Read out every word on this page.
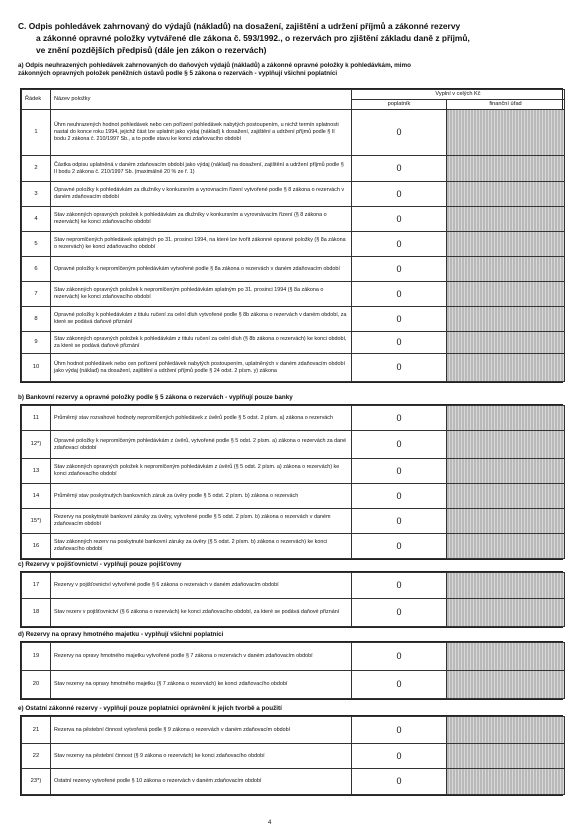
C. Odpis pohledávek zahrnovaný do výdajů (nákladů) na dosažení, zajištění a udržení příjmů a zákonné rezervy
a zákonné opravné položky vytvářené dle zákona č. 593/1992., o rezervách pro zjištění základu daně z příjmů,
ve znění pozdějších předpisů (dále jen zákon o rezervách)
a) Odpis neuhrazených pohledávek zahrnovaných do daňových výdajů (nákladů) a zákonné opravné položky k pohledávkám, mimo
zákonných opravných položek peněžních ústavů podle § 5 zákona o rezervách - vyplňují všichni poplatníci
Řádek	Název položky	Vyplní v celých Kč	
		poplatník	finanční úřad
1	Úhrn neuhrazených hodnot pohledávek nebo cen pořízení pohledávek nabytých postoupením, u nichž termín splatnosti nastal do konce roku 1994, jejichž část lze uplatnit jako výdaj (náklad) k dosažení, zajištění a udržení příjmů podle § II bodu 2 zákona č. 210/1997 Sb., a to podle stavu ke konci zdaňovacího období	0	
2	Částka odpisu uplatněná v daném zdaňovacím období jako výdaj (náklad) na dosažení, zajištění a udržení příjmů podle § II bodu 2 zákona č. 210/1997 Sb. (maximálně 20 % ze ř. 1)	0	
3	Opravné položky k pohledávkám za dlužníky v konkursním a vyrovnacím řízení vytvořené podle § 8 zákona o rezervách v daném zdaňovacím období	0	
4	Stav zákonných opravných položek k pohledávkám za dlužníky v konkursním a vyrovnávacím řízení (§ 8 zákona o rezervách) ke konci zdaňovacího období	0	
5	Stav nepromlčených pohledávek splatných po 31. prosinci 1994, na které lze tvořit zákonné opravné položky (§ 8a zákona o rezervách) ke konci zdaňovacího období	0	
6	Opravné položky k nepromlčeným pohledávkám vytvořené podle § 8a zákona o rezervách v daném zdaňovacím období	0	
7	Stav zákonných opravných položek k nepromlčeným pohledávkám splatným po 31. prosinci 1994 (§ 8a zákona o rezervách) ke konci zdaňovacího období	0	
8	Opravné položky k pohledávkám z titulu ručení za celní dluh vytvořené podle § 8b zákona o rezervách v daném období, za které se podává daňové přiznání	0	
9	Stav zákonných opravných položek k pohledávkám z titulu ručení za celní dluh (§ 8b zákona o rezervách) ke konci období, za které se podává daňové přiznání	0	
10	Úhrn hodnot pohledávek nebo cen pořízení pohledávek nabytých postoupením, uplatněných v daném zdaňovacím období jako výdaj (náklad) na dosažení, zajištění a udržení příjmů podle § 24 odst. 2 písm. y) zákona	0	
b) Bankovní rezervy a opravné položky podle § 5 zákona o rezervách - vyplňují pouze banky
11	Průměrný stav rozvahové hodnoty nepromlčených pohledávek z úvěrů podle § 5 odst. 2 písm. a) zákona o rezervách	0	
12*)	Opravné položky k nepromlčeným pohledávkám z úvěrů, vytvořené podle § 5 odst. 2 písm. a) zákona o rezervách za dané zdaňovací období	0	
13	Stav zákonných opravných položek k nepromlčeným pohledávkám z úvěrů (§ 5 odst. 2 písm. a) zákona o rezervách) ke konci zdaňovacího období	0	
14	Průměrný stav poskytnutých bankovních záruk za úvěry podle § 5 odst. 2 písm. b) zákona o rezervách	0	
15*)	Rezervy na poskytnuté bankovní záruky za úvěry, vytvořené podle § 5 odst. 2 písm. b) zákona o rezervách v daném zdaňovacím období	0	
16	Stav zákonných rezerv na poskytnuté bankovní záruky za úvěry (§ 5 odst. 2 písm. b) zákona o rezervách) ke konci zdaňovacího období	0	
c) Rezervy v pojišťovnictví - vyplňují pouze pojišťovny
17	Rezervy v pojišťovnictví vytvořené podle § 6 zákona o rezervách v daném zdaňovacím období	0	
18	Stav rezerv v pojišťovnictví (§ 6 zákona o rezervách) ke konci zdaňovacího období, za které se podává daňové přiznání	0	
d) Rezervy na opravy hmotného majetku - vyplňují všichni poplatníci
19	Rezervy na opravy hmotného majetku vytvořené podle § 7 zákona o rezervách v daném zdaňovacím období	0	
20	Stav rezervy na opravy hmotného majetku (§ 7 zákona o rezervách) ke konci zdaňovacího období	0	
e) Ostatní zákonné rezervy - vyplňují pouze poplatníci oprávnění k jejich tvorbě a použití
21	Rezerva na pěstební činnost vytvořená podle § 9 zákona o rezervách v daném zdaňovacím období	0	
22	Stav rezervy na pěstební činnost (§ 9 zákona o rezervách) ke konci zdaňovacího období	0	
23*)	Ostatní rezervy vytvořené podle § 10 zákona o rezervách v daném zdaňovacím období	0	
4
